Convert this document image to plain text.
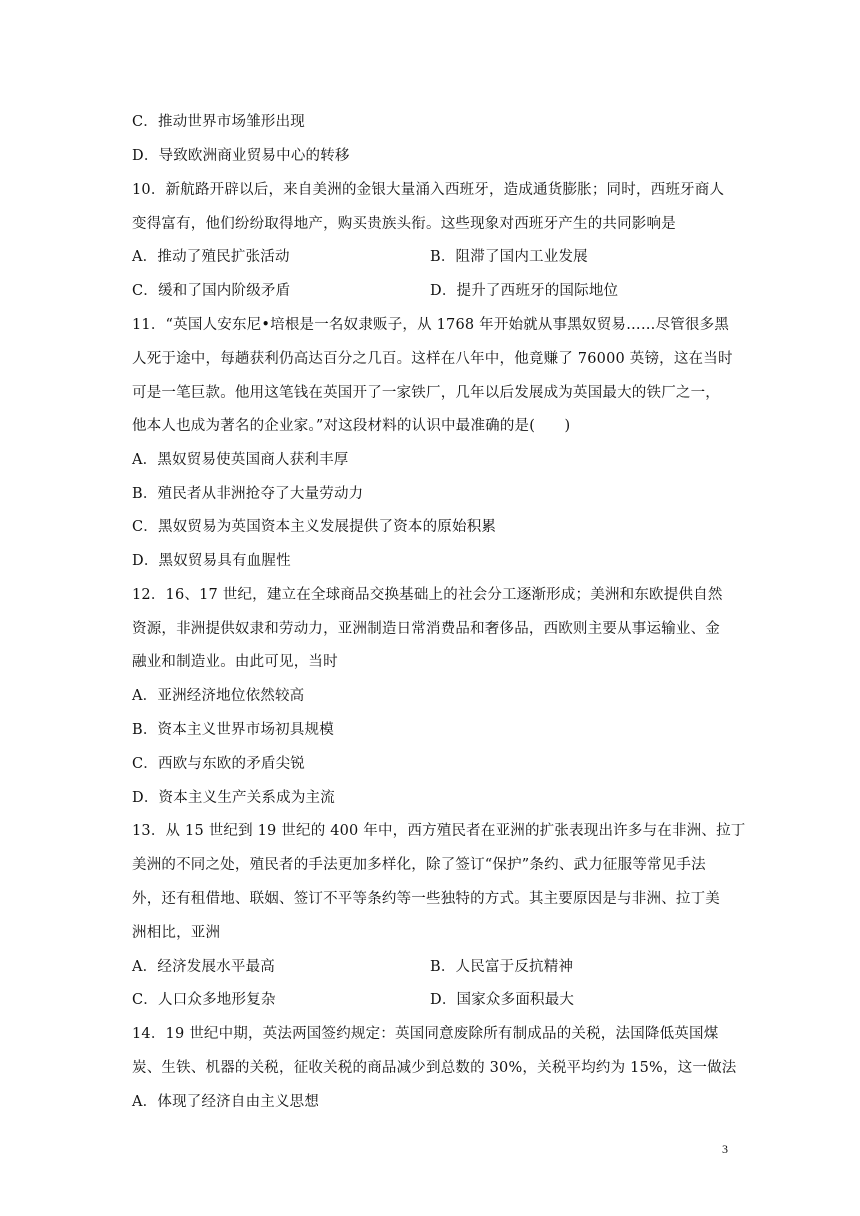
C．推动世界市场雏形出现
D．导致欧洲商业贸易中心的转移
10．新航路开辟以后，来自美洲的金银大量涌入西班牙，造成通货膨胀；同时，西班牙商人
变得富有，他们纷纷取得地产，购买贵族头衔。这些现象对西班牙产生的共同影响是
A．推动了殖民扩张活动	B．阻滞了国内工业发展
C．缓和了国内阶级矛盾	D．提升了西班牙的国际地位
11．“英国人安东尼•培根是一名奴隶贩子，从 1768 年开始就从事黑奴贸易……尽管很多黑
人死于途中，每趟获利仍高达百分之几百。这样在八年中，他竟赚了 76000 英镑，这在当时
可是一笔巨款。他用这笔钱在英国开了一家铁厂，几年以后发展成为英国最大的铁厂之一，
他本人也成为著名的企业家。”对这段材料的认识中最准确的是(　　)
A．黑奴贸易使英国商人获利丰厚
B．殖民者从非洲抢夺了大量劳动力
C．黑奴贸易为英国资本主义发展提供了资本的原始积累
D．黑奴贸易具有血腥性
12．16、17 世纪，建立在全球商品交换基础上的社会分工逐渐形成；美洲和东欧提供自然
资源，非洲提供奴隶和劳动力，亚洲制造日常消费品和奢侈品，西欧则主要从事运输业、金
融业和制造业。由此可见，当时
A．亚洲经济地位依然较高
B．资本主义世界市场初具规模
C．西欧与东欧的矛盾尖锐
D．资本主义生产关系成为主流
13．从 15 世纪到 19 世纪的 400 年中，西方殖民者在亚洲的扩张表现出许多与在非洲、拉丁
美洲的不同之处，殖民者的手法更加多样化，除了签订“保护”条约、武力征服等常见手法
外，还有租借地、联姻、签订不平等条约等一些独特的方式。其主要原因是与非洲、拉丁美
洲相比，亚洲
A．经济发展水平最高	B．人民富于反抗精神
C．人口众多地形复杂	D．国家众多面积最大
14．19 世纪中期，英法两国签约规定：英国同意废除所有制成品的关税，法国降低英国煤
炭、生铁、机器的关税，征收关税的商品减少到总数的 30%，关税平均约为 15%，这一做法
A．体现了经济自由主义思想
3
